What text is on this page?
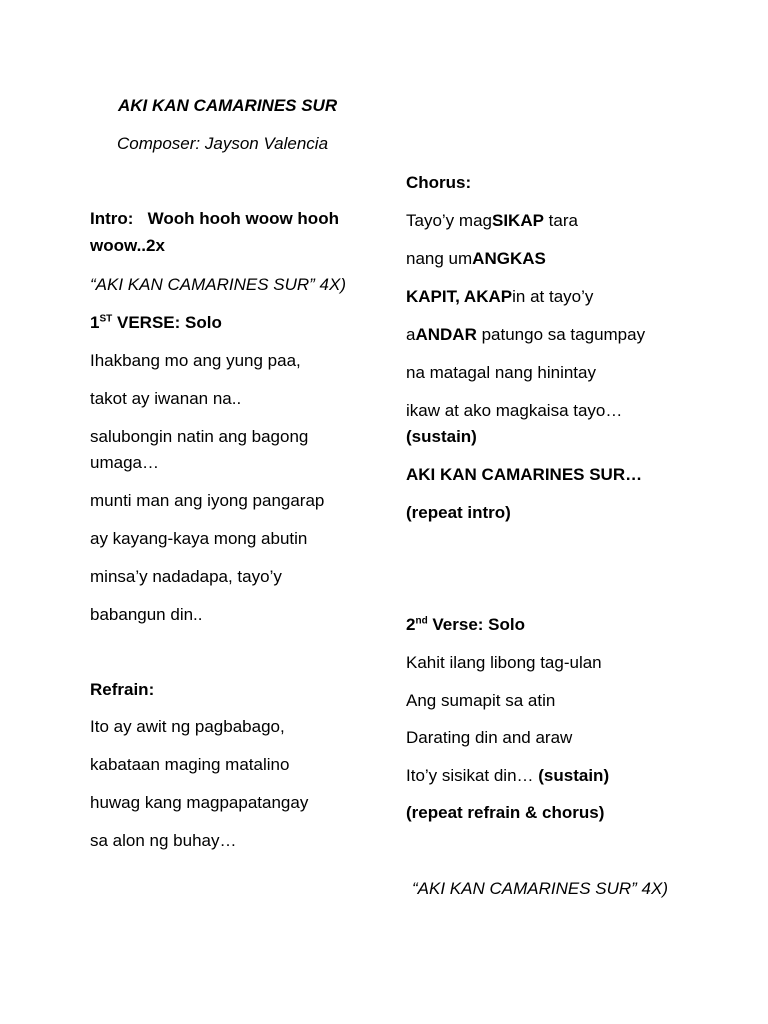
AKI KAN CAMARINES SUR
Composer: Jayson Valencia
Intro: Wooh hooh woow hooh
woow..2x
“AKI KAN CAMARINES SUR” 4X)
1ST VERSE: Solo
Ihakbang mo ang yung paa,
takot ay iwanan na..
salubongin natin ang bagong
umaga…
munti man ang iyong pangarap
ay kayang-kaya mong abutin
minsa’y nadadapa, tayo’y
babangun din..
Refrain:
Ito ay awit ng pagbabago,
kabataan maging matalino
huwag kang magpapatangay
sa alon ng buhay…
Chorus:
Tayo’y magSIKAP tara
nang umANGKAS
KAPIT, AKAPin at tayo’y
aANDAR patungo sa tagumpay
na matagal nang hinintay
ikaw at ako magkaisa tayo…
(sustain)
AKI KAN CAMARINES SUR…
(repeat intro)
2nd Verse: Solo
Kahit ilang libong tag-ulan
Ang sumapit sa atin
Darating din and araw
Ito’y sisikat din… (sustain)
(repeat refrain & chorus)
“AKI KAN CAMARINES SUR” 4X)
